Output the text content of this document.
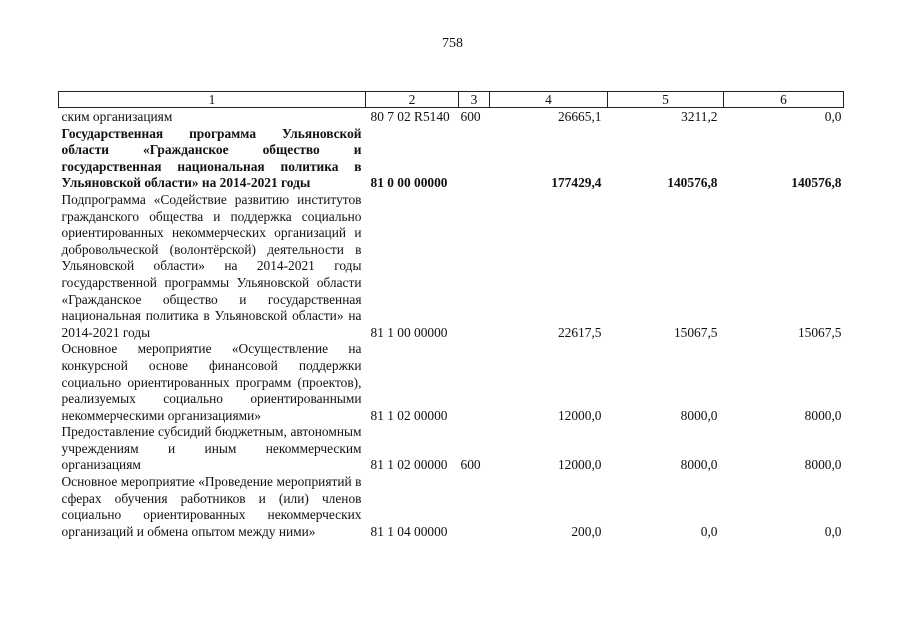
758
1	2	3	4	5	6
ским организациям	80 7 02 R5140	600	26665,1	3211,2	0,0
Государственная программа Ульяновской области «Гражданское общество и государственная национальная политика в Ульяновской области» на 2014-2021 годы	81 0 00 00000		177429,4	140576,8	140576,8
Подпрограмма «Содействие развитию институтов гражданского общества и поддержка социально ориентированных некоммерческих организаций и добровольческой (волонтёрской) деятельности в Ульяновской области» на 2014-2021 годы государственной программы Ульяновской области «Гражданское общество и государственная национальная политика в Ульяновской области» на 2014-2021 годы	81 1 00 00000		22617,5	15067,5	15067,5
Основное мероприятие «Осуществление на конкурсной основе финансовой поддержки социально ориентированных программ (проектов), реализуемых социально ориентированными некоммерческими организациями»	81 1 02 00000		12000,0	8000,0	8000,0
Предоставление субсидий бюджетным, автономным учреждениям и иным некоммерческим организациям	81 1 02 00000	600	12000,0	8000,0	8000,0
Основное мероприятие «Проведение мероприятий в сферах обучения работников и (или) членов социально ориентированных некоммерческих организаций и обмена опытом между ними»	81 1 04 00000		200,0	0,0	0,0
